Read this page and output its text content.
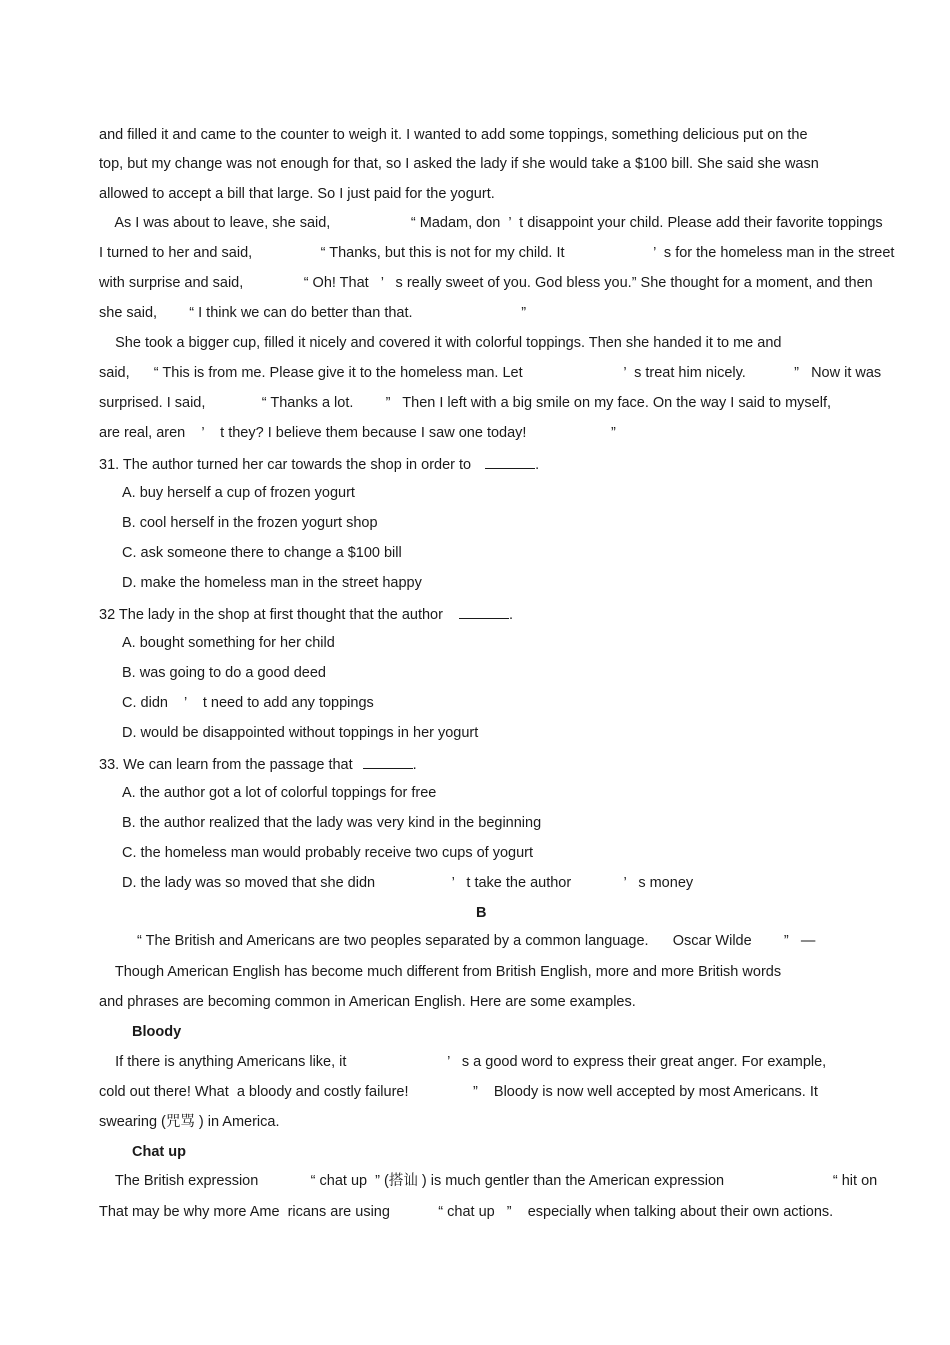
and filled it and came to the counter to weigh it. I wanted to add some toppings, something delicious put on the
top, but my change was not enough for that, so I asked the lady if she would take a $100 bill. She said she wasn
allowed to accept a bill that large. So I just paid for the yogurt.
As I was about to leave, she said,                    “ Madam, don  ’  t disappoint your child. Please add their favorite toppings
I turned to her and said,                 “ Thanks, but this is not for my child. It                      ’  s for the homeless man in the street
with surprise and said,               “ Oh! That   ’   s really sweet of you. God bless you.” She thought for a moment, and then
she said,        “ I think we can do better than that.                           ”
She took a bigger cup, filled it nicely and covered it with colorful toppings. Then she handed it to me and
said,      “ This is from me. Please give it to the homeless man. Let                         ’  s treat him nicely.            ”   Now it was
surprised. I said,              “ Thanks a lot.        ”   Then I left with a big smile on my face. On the way I said to myself,
are real, aren    ’    t they? I believe them because I saw one today!                     ”
31. The author turned her car towards the shop in order to	.
A. buy herself a cup of frozen yogurt
B. cool herself in the frozen yogurt shop
C. ask someone there to change a $100 bill
D. make the homeless man in the street happy
32 The lady in the shop at first thought that the author	.
A. bought something for her child
B. was going to do a good deed
C. didn    ’    t need to add any toppings
D. would be disappointed without toppings in her yogurt
33. We can learn from the passage that	.
A. the author got a lot of colorful toppings for free
B. the author realized that the lady was very kind in the beginning
C. the homeless man would probably receive two cups of yogurt
D. the lady was so moved that she didn                   ’   t take the author             ’   s money
B
“ The British and Americans are two peoples separated by a common language.      Oscar Wilde        ”   —
Though American English has become much different from British English, more and more British words
and phrases are becoming common in American English. Here are some examples.
Bloody
If there is anything Americans like, it                         ’   s a good word to express their great anger. For example,
cold out there! What  a bloody and costly failure!                ”    Bloody is now well accepted by most Americans. It
swearing (咒骂 ) in America.
Chat up
The British expression             “ chat up  ” (搭讪 ) is much gentler than the American expression                           “ hit on
That may be why more Ame  ricans are using            “ chat up   ”    especially when talking about their own actions.
